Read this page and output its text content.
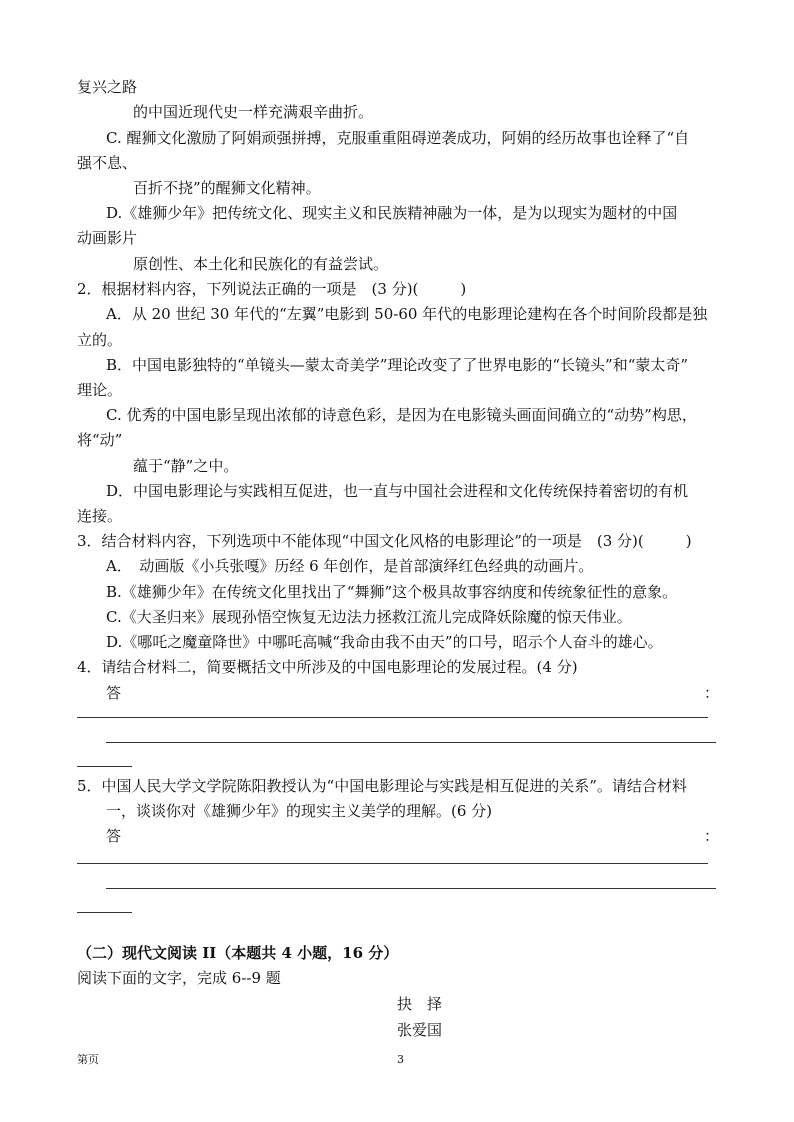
复兴之路
的中国近现代史一样充满艰辛曲折。
C. 醒狮文化激励了阿娟顽强拼搏，克服重重阻碍逆袭成功，阿娟的经历故事也诠释了“自
强不息、
百折不挠”的醒狮文化精神。
D.《雄狮少年》把传统文化、现实主义和民族精神融为一体，是为以现实为题材的中国
动画影片
原创性、本土化和民族化的有益尝试。
2．根据材料内容，下列说法正确的一项是　(3 分)(	)
A．从 20 世纪 30 年代的“左翼”电影到 50-60 年代的电影理论建构在各个时间阶段都是独
立的。
B．中国电影独特的“单镜头—蒙太奇美学”理论改变了了世界电影的“长镜头”和“蒙太奇”
理论。
C. 优秀的中国电影呈现出浓郁的诗意色彩，是因为在电影镜头画面间确立的“动势”构思，
将“动”
蕴于“静”之中。
D．中国电影理论与实践相互促进，也一直与中国社会进程和文化传统保持着密切的有机
连接。
3．结合材料内容，下列选项中不能体现“中国文化风格的电影理论”的一项是　(3 分)(	)
A．　动画版《小兵张嘎》历经 6 年创作，是首部演绎红色经典的动画片。
B.《雄狮少年》在传统文化里找出了“舞狮”这个极具故事容纳度和传统象征性的意象。
C.《大圣归来》展现孙悟空恢复无边法力拯救江流儿完成降妖除魔的惊天伟业。
D.《哪吒之魔童降世》中哪吒高喊“我命由我不由天”的口号，昭示个人奋斗的雄心。
4．请结合材料二，简要概括文中所涉及的中国电影理论的发展过程。(4 分)
答	：
5．中国人民大学文学院陈阳教授认为“中国电影理论与实践是相互促进的关系”。请结合材料
一，谈谈你对《雄狮少年》的现实主义美学的理解。(6 分)
答	：
（二）现代文阅读 II（本题共 4 小题，16 分）
阅读下面的文字，完成 6--9 题
抉　择
张爱国
第页	3
